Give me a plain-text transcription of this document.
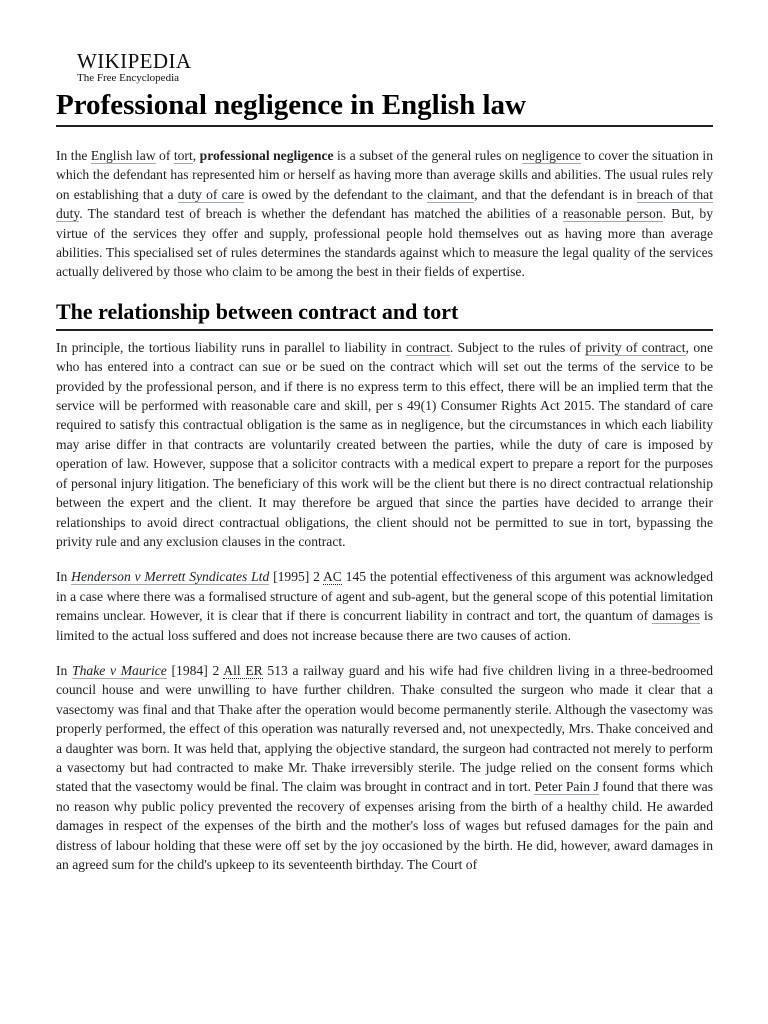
WIKIPEDIA
The Free Encyclopedia
Professional negligence in English law

In the English law of tort, professional negligence is a subset of the general rules on negligence to cover the situation in which the defendant has represented him or herself as having more than average skills and abilities. The usual rules rely on establishing that a duty of care is owed by the defendant to the claimant, and that the defendant is in breach of that duty. The standard test of breach is whether the defendant has matched the abilities of a reasonable person. But, by virtue of the services they offer and supply, professional people hold themselves out as having more than average abilities. This specialised set of rules determines the standards against which to measure the legal quality of the services actually delivered by those who claim to be among the best in their fields of expertise.

The relationship between contract and tort

In principle, the tortious liability runs in parallel to liability in contract. Subject to the rules of privity of contract, one who has entered into a contract can sue or be sued on the contract which will set out the terms of the service to be provided by the professional person, and if there is no express term to this effect, there will be an implied term that the service will be performed with reasonable care and skill, per s 49(1) Consumer Rights Act 2015. The standard of care required to satisfy this contractual obligation is the same as in negligence, but the circumstances in which each liability may arise differ in that contracts are voluntarily created between the parties, while the duty of care is imposed by operation of law. However, suppose that a solicitor contracts with a medical expert to prepare a report for the purposes of personal injury litigation. The beneficiary of this work will be the client but there is no direct contractual relationship between the expert and the client. It may therefore be argued that since the parties have decided to arrange their relationships to avoid direct contractual obligations, the client should not be permitted to sue in tort, bypassing the privity rule and any exclusion clauses in the contract.

In Henderson v Merrett Syndicates Ltd [1995] 2 AC 145 the potential effectiveness of this argument was acknowledged in a case where there was a formalised structure of agent and sub-agent, but the general scope of this potential limitation remains unclear. However, it is clear that if there is concurrent liability in contract and tort, the quantum of damages is limited to the actual loss suffered and does not increase because there are two causes of action.

In Thake v Maurice [1984] 2 All ER 513 a railway guard and his wife had five children living in a three-bedroomed council house and were unwilling to have further children. Thake consulted the surgeon who made it clear that a vasectomy was final and that Thake after the operation would become permanently sterile. Although the vasectomy was properly performed, the effect of this operation was naturally reversed and, not unexpectedly, Mrs. Thake conceived and a daughter was born. It was held that, applying the objective standard, the surgeon had contracted not merely to perform a vasectomy but had contracted to make Mr. Thake irreversibly sterile. The judge relied on the consent forms which stated that the vasectomy would be final. The claim was brought in contract and in tort. Peter Pain J found that there was no reason why public policy prevented the recovery of expenses arising from the birth of a healthy child. He awarded damages in respect of the expenses of the birth and the mother's loss of wages but refused damages for the pain and distress of labour holding that these were off set by the joy occasioned by the birth. He did, however, award damages in an agreed sum for the child's upkeep to its seventeenth birthday. The Court of
